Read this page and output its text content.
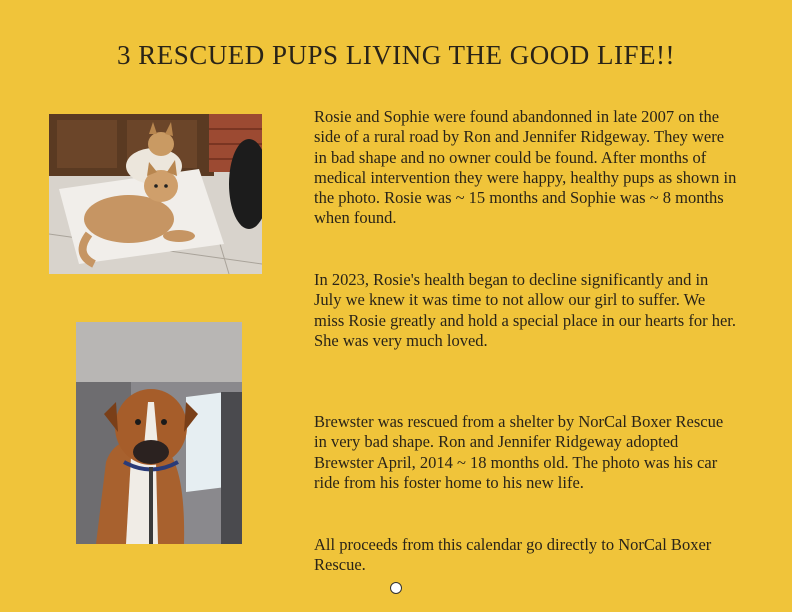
3 RESCUED PUPS LIVING THE GOOD LIFE!!

Rosie and Sophie were found abandonned in late 2007 on the side of a rural road by Ron and Jennifer Ridgeway. They were in bad shape and no owner could be found. After months of medical intervention they were happy, healthy pups as shown in the photo. Rosie was ~ 15 months and Sophie was ~ 8 months when found.

In 2023, Rosie's health began to decline significantly and in July we knew it was time to not allow our girl to suffer. We miss Rosie greatly and hold a special place in our hearts for her. She was very much loved.

Brewster was rescued from a shelter by NorCal Boxer Rescue in very bad shape. Ron and Jennifer Ridgeway adopted Brewster April, 2014 ~ 18 months old. The photo was his car ride from his foster home to his new life.

All proceeds from this calendar go directly to NorCal Boxer Rescue.
